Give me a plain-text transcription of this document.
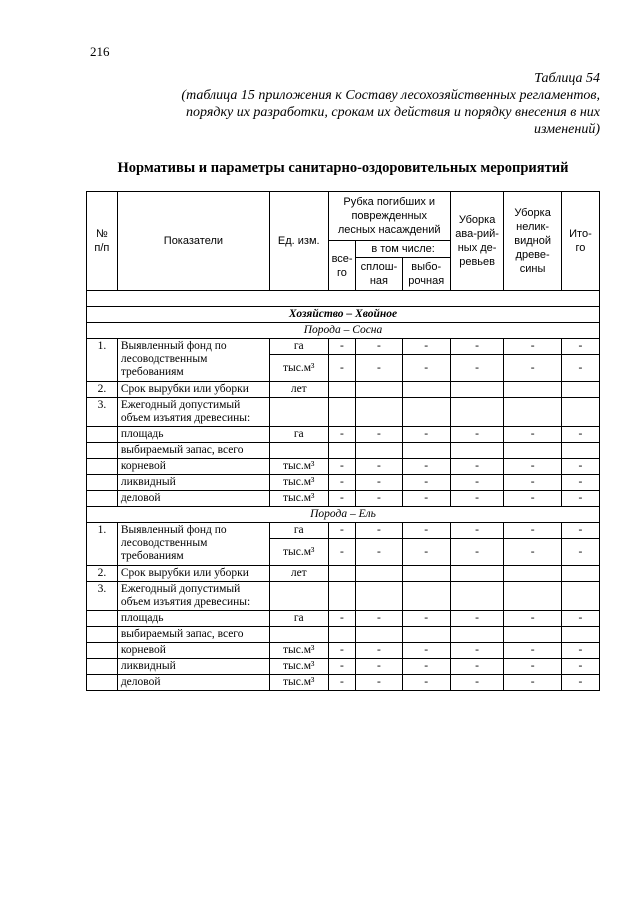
216
Таблица 54
(таблица 15 приложения к Составу лесохозяйственных регламентов,
порядку их разработки, срокам их действия и порядку внесения в них
изменений)
Нормативы и параметры санитарно-оздоровительных мероприятий
№ п/п	Показатели	Ед. изм.	Рубка погибших и поврежденных лесных насаждений			Уборка ава-рий-ных де-ревьев	Уборка нелик-видной древе-сины	Ито-го
			все-го	в том числе:				
				сплош-ная	выбо-рочная			

Хозяйство – Хвойное								
Порода – Сосна								
1.	Выявленный фонд по лесоводственным требованиям	га	-	-	-	-	-	-
		тыс.м³	-	-	-	-	-	-
2.	Срок вырубки или уборки	лет						
3.	Ежегодный допустимый объем изъятия древесины:							
	площадь	га	-	-	-	-	-	-
	выбираемый запас, всего							
	корневой	тыс.м³	-	-	-	-	-	-
	ликвидный	тыс.м³	-	-	-	-	-	-
	деловой	тыс.м³	-	-	-	-	-	-
Порода – Ель								
1.	Выявленный фонд по лесоводственным требованиям	га	-	-	-	-	-	-
		тыс.м³	-	-	-	-	-	-
2.	Срок вырубки или уборки	лет						
3.	Ежегодный допустимый объем изъятия древесины:							
	площадь	га	-	-	-	-	-	-
	выбираемый запас, всего							
	корневой	тыс.м³	-	-	-	-	-	-
	ликвидный	тыс.м³	-	-	-	-	-	-
	деловой	тыс.м³	-	-	-	-	-	-
